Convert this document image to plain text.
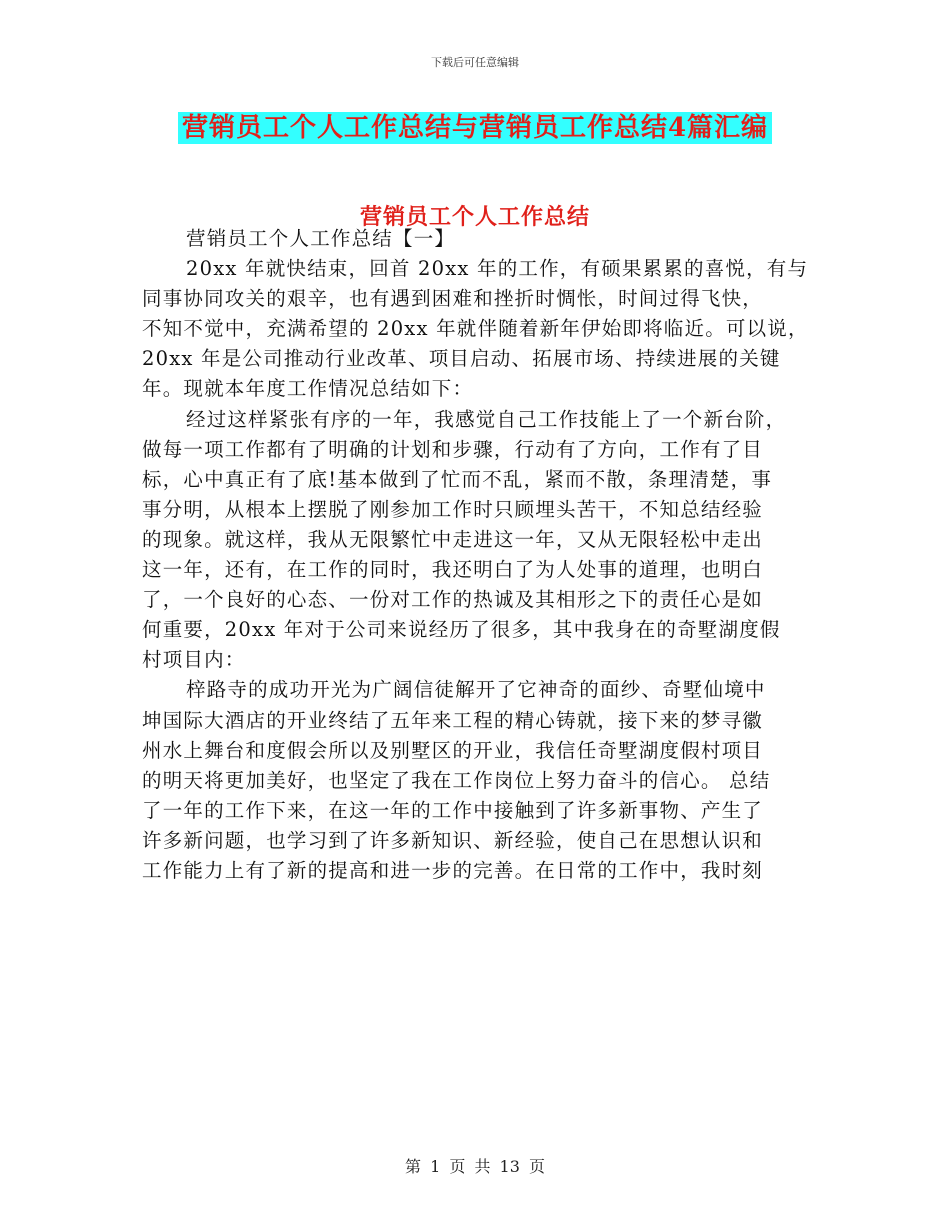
下载后可任意编辑
营销员工个人工作总结与营销员工作总结4篇汇编
营销员工个人工作总结
营销员工个人工作总结【一】
20xx 年就快结束，回首 20xx 年的工作，有硕果累累的喜悦，有与
同事协同攻关的艰辛，也有遇到困难和挫折时惆怅，时间过得飞快，
不知不觉中，充满希望的 20xx 年就伴随着新年伊始即将临近。可以说，
20xx 年是公司推动行业改革、项目启动、拓展市场、持续进展的关键
年。现就本年度工作情况总结如下：
经过这样紧张有序的一年，我感觉自己工作技能上了一个新台阶，
做每一项工作都有了明确的计划和步骤，行动有了方向，工作有了目
标，心中真正有了底!基本做到了忙而不乱，紧而不散，条理清楚，事
事分明，从根本上摆脱了刚参加工作时只顾埋头苦干，不知总结经验
的现象。就这样，我从无限繁忙中走进这一年，又从无限轻松中走出
这一年，还有，在工作的同时，我还明白了为人处事的道理，也明白
了，一个良好的心态、一份对工作的热诚及其相形之下的责任心是如
何重要，20xx 年对于公司来说经历了很多，其中我身在的奇墅湖度假
村项目内：
梓路寺的成功开光为广阔信徒解开了它神奇的面纱、奇墅仙境中
坤国际大酒店的开业终结了五年来工程的精心铸就，接下来的梦寻徽
州水上舞台和度假会所以及别墅区的开业，我信任奇墅湖度假村项目
的明天将更加美好，也坚定了我在工作岗位上努力奋斗的信心。 总结
了一年的工作下来，在这一年的工作中接触到了许多新事物、产生了
许多新问题，也学习到了许多新知识、新经验，使自己在思想认识和
工作能力上有了新的提高和进一步的完善。在日常的工作中，我时刻
第 1 页 共 13 页
